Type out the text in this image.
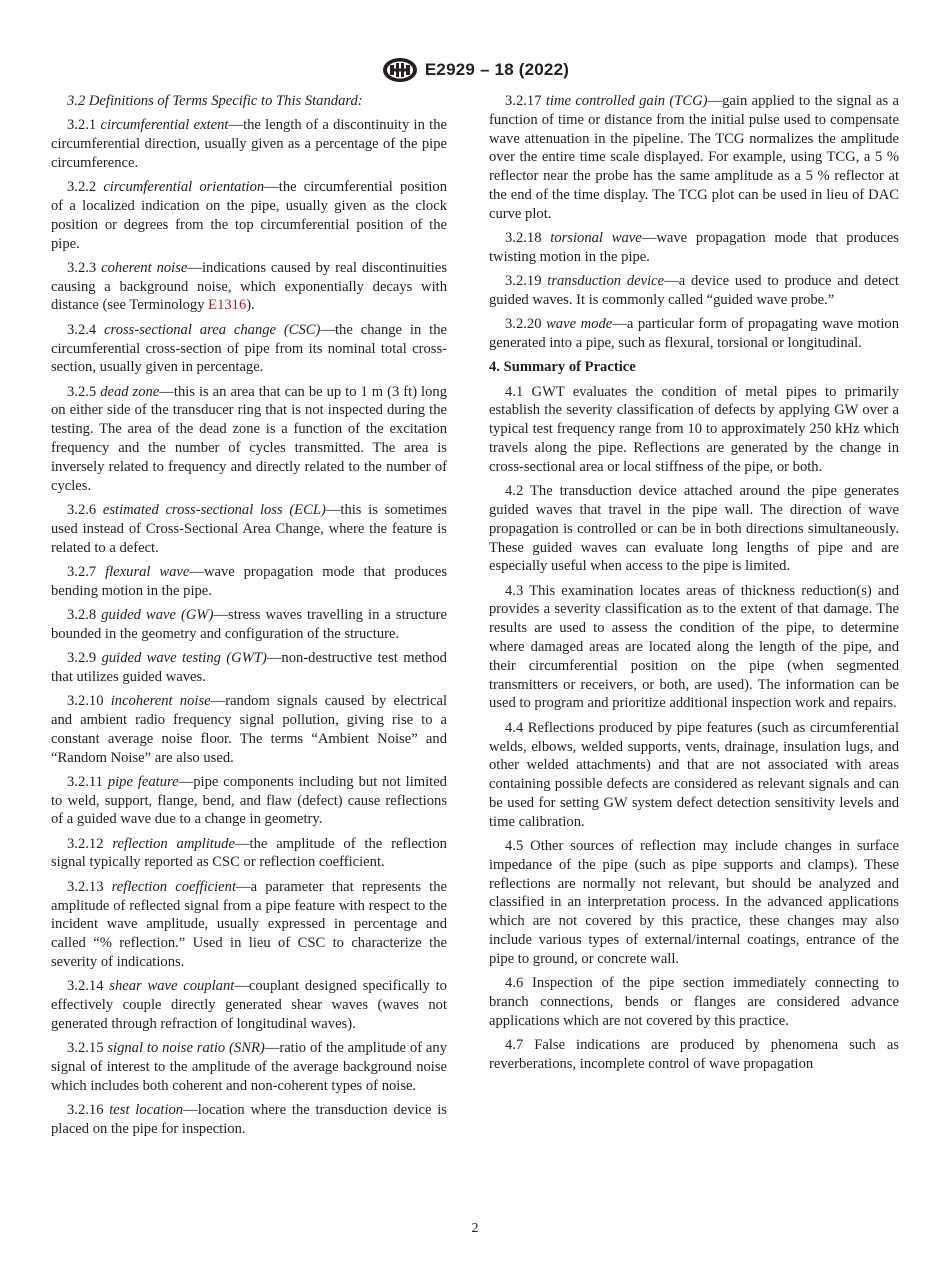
E2929 – 18 (2022)

3.2 Definitions of Terms Specific to This Standard:

3.2.1 circumferential extent—the length of a discontinuity in the circumferential direction, usually given as a percentage of the pipe circumference.

3.2.2 circumferential orientation—the circumferential position of a localized indication on the pipe, usually given as the clock position or degrees from the top circumferential position of the pipe.

3.2.3 coherent noise—indications caused by real discontinuities causing a background noise, which exponentially decays with distance (see Terminology E1316).

3.2.4 cross-sectional area change (CSC)—the change in the circumferential cross-section of pipe from its nominal total cross-section, usually given in percentage.

3.2.5 dead zone—this is an area that can be up to 1 m (3 ft) long on either side of the transducer ring that is not inspected during the testing. The area of the dead zone is a function of the excitation frequency and the number of cycles transmitted. The area is inversely related to frequency and directly related to the number of cycles.

3.2.6 estimated cross-sectional loss (ECL)—this is sometimes used instead of Cross-Sectional Area Change, where the feature is related to a defect.

3.2.7 flexural wave—wave propagation mode that produces bending motion in the pipe.

3.2.8 guided wave (GW)—stress waves travelling in a structure bounded in the geometry and configuration of the structure.

3.2.9 guided wave testing (GWT)—non-destructive test method that utilizes guided waves.

3.2.10 incoherent noise—random signals caused by electrical and ambient radio frequency signal pollution, giving rise to a constant average noise floor. The terms “Ambient Noise” and “Random Noise” are also used.

3.2.11 pipe feature—pipe components including but not limited to weld, support, flange, bend, and flaw (defect) cause reflections of a guided wave due to a change in geometry.

3.2.12 reflection amplitude—the amplitude of the reflection signal typically reported as CSC or reflection coefficient.

3.2.13 reflection coefficient—a parameter that represents the amplitude of reflected signal from a pipe feature with respect to the incident wave amplitude, usually expressed in percentage and called “% reflection.” Used in lieu of CSC to characterize the severity of indications.

3.2.14 shear wave couplant—couplant designed specifically to effectively couple directly generated shear waves (waves not generated through refraction of longitudinal waves).

3.2.15 signal to noise ratio (SNR)—ratio of the amplitude of any signal of interest to the amplitude of the average background noise which includes both coherent and non-coherent types of noise.

3.2.16 test location—location where the transduction device is placed on the pipe for inspection.

3.2.17 time controlled gain (TCG)—gain applied to the signal as a function of time or distance from the initial pulse used to compensate wave attenuation in the pipeline. The TCG normalizes the amplitude over the entire time scale displayed. For example, using TCG, a 5 % reflector near the probe has the same amplitude as a 5 % reflector at the end of the time display. The TCG plot can be used in lieu of DAC curve plot.

3.2.18 torsional wave—wave propagation mode that produces twisting motion in the pipe.

3.2.19 transduction device—a device used to produce and detect guided waves. It is commonly called “guided wave probe.”

3.2.20 wave mode—a particular form of propagating wave motion generated into a pipe, such as flexural, torsional or longitudinal.

4. Summary of Practice

4.1 GWT evaluates the condition of metal pipes to primarily establish the severity classification of defects by applying GW over a typical test frequency range from 10 to approximately 250 kHz which travels along the pipe. Reflections are generated by the change in cross-sectional area or local stiffness of the pipe, or both.

4.2 The transduction device attached around the pipe generates guided waves that travel in the pipe wall. The direction of wave propagation is controlled or can be in both directions simultaneously. These guided waves can evaluate long lengths of pipe and are especially useful when access to the pipe is limited.

4.3 This examination locates areas of thickness reduction(s) and provides a severity classification as to the extent of that damage. The results are used to assess the condition of the pipe, to determine where damaged areas are located along the length of the pipe, and their circumferential position on the pipe (when segmented transmitters or receivers, or both, are used). The information can be used to program and prioritize additional inspection work and repairs.

4.4 Reflections produced by pipe features (such as circumferential welds, elbows, welded supports, vents, drainage, insulation lugs, and other welded attachments) and that are not associated with areas containing possible defects are considered as relevant signals and can be used for setting GW system defect detection sensitivity levels and time calibration.

4.5 Other sources of reflection may include changes in surface impedance of the pipe (such as pipe supports and clamps). These reflections are normally not relevant, but should be analyzed and classified in an interpretation process. In the advanced applications which are not covered by this practice, these changes may also include various types of external/internal coatings, entrance of the pipe to ground, or concrete wall.

4.6 Inspection of the pipe section immediately connecting to branch connections, bends or flanges are considered advance applications which are not covered by this practice.

4.7 False indications are produced by phenomena such as reverberations, incomplete control of wave propagation

2
